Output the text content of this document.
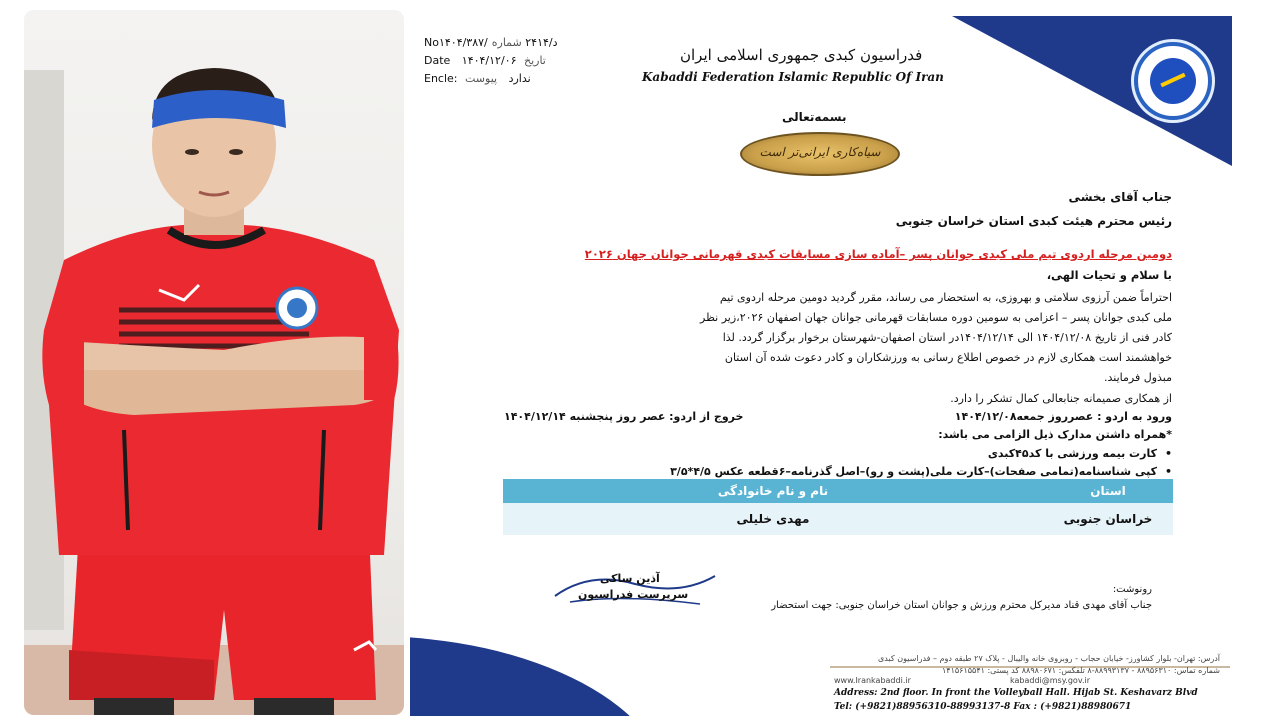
No۱۴۰۴/۳۸۷/د/۲۴۱۴ شماره
Date ۱۴۰۴/۱۲/۰۶ تاریخ
Encle:	ندارد پیوست
فدراسیون کبدی جمهوری اسلامی ایران
Kabaddi Federation Islamic Republic Of Iran
بسمه‌تعالی
سیاه‌کاری ایرانی‌تر است
جناب آقای بخشی
رئیس محترم هیئت کبدی استان خراسان جنوبی
دومین مرحله اردوی تیم ملی کبدی جوانان پسر –آماده سازی مسابقات کبدی قهرمانی جوانان جهان ۲۰۲۶
با سلام و تحیات الهی،
احتراماً ضمن آرزوی سلامتی و بهروزی، به استحضار می رساند، مقرر گردید دومین مرحله اردوی تیم
ملی کبدی جوانان پسر – اعزامی به سومین دوره مسابقات قهرمانی جوانان جهان اصفهان ۲۰۲۶،زیر نظر
کادر فنی از تاریخ ۱۴۰۴/۱۲/۰۸ الی ۱۴۰۴/۱۲/۱۴در استان اصفهان-شهرستان برخوار برگزار گردد. لذا
خواهشمند است همکاری لازم در خصوص اطلاع رسانی به ورزشکاران و کادر دعوت شده آن استان
مبذول فرمایند.
از همکاری صمیمانه جنابعالی کمال تشکر را دارد.
ورود به اردو : عصرروز جمعه۱۴۰۴/۱۲/۰۸
خروج از اردو: عصر روز پنجشنبه ۱۴۰۴/۱۲/۱۴
*همراه داشتن مدارک ذیل الزامی می باشد:
•کارت بیمه ورزشی با کد۴۵کبدی
•کپی شناسنامه(تمامی صفحات)–کارت ملی(پشت و رو)–اصل گذرنامه–۶قطعه عکس ۴/۵*۳/۵
استان	نام و نام خانوادگی
خراسان جنوبی	مهدی خلیلی
آذین ساکی
سرپرست فدراسیون	رونوشت:
جناب آقای مهدی قناد مدیرکل محترم ورزش و جوانان استان خراسان جنوبی: جهت استحضار
آدرس: تهران- بلوار کشاورز- خیابان حجاب - روبروی خانه والیبال - پلاک ۲۷ طبقه دوم – فدراسیون کبدی
شماره تماس: ۸۸۹۵۶۳۱۰ - ۸۸۹۹۳۱۳۷-۸ تلفکس: ۸۸۹۸۰۶۷۱ کد پستی: ۱۴۱۵۶۱۵۵۴۱
www.Irankabaddi.ir	kabaddi@msy.gov.ir
Address: 2nd floor. In front the Volleyball Hall. Hijab St. Keshavarz Blvd
Tel: (+9821)88956310-88993137-8 Fax : (+9821)88980671
